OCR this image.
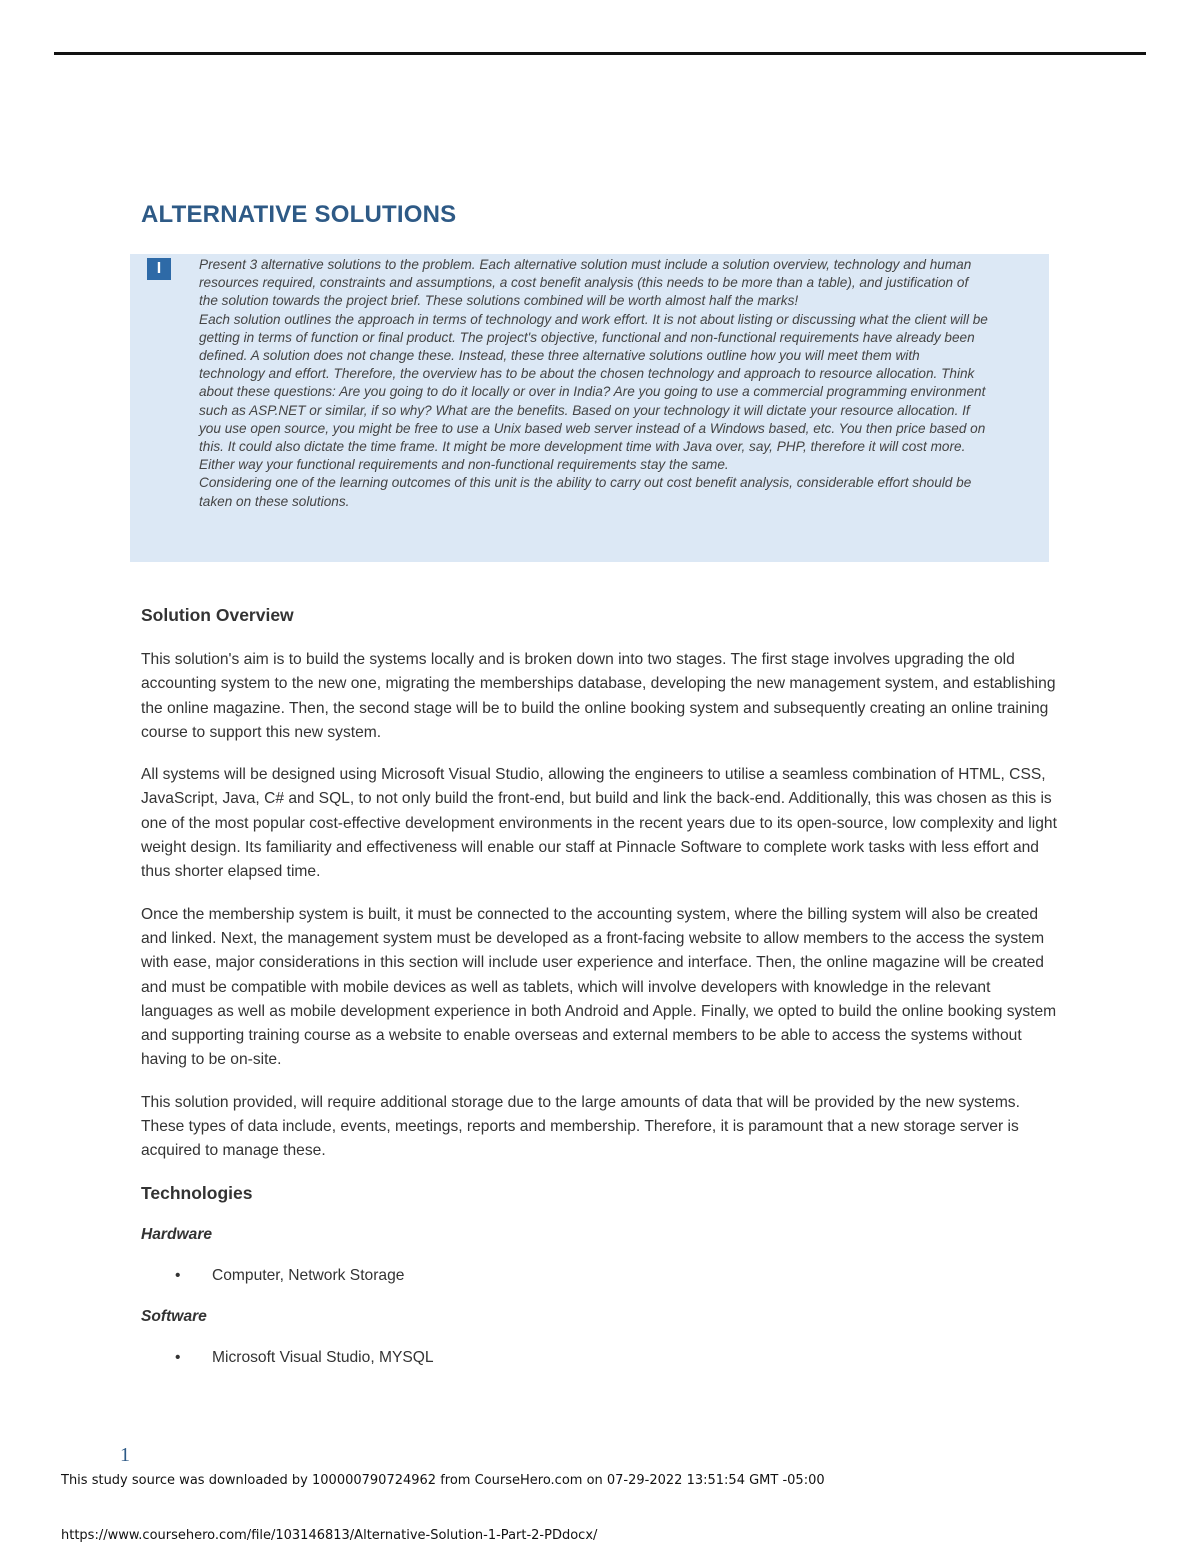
ALTERNATIVE SOLUTIONS
I	Present 3 alternative solutions to the problem. Each alternative solution must include a solution overview, technology and human resources required, constraints and assumptions, a cost benefit analysis (this needs to be more than a table), and justification of the solution towards the project brief. These solutions combined will be worth almost half the marks!

Each solution outlines the approach in terms of technology and work effort. It is not about listing or discussing what the client will be getting in terms of function or final product. The project's objective, functional and non-functional requirements have already been defined. A solution does not change these. Instead, these three alternative solutions outline how you will meet them with technology and effort. Therefore, the overview has to be about the chosen technology and approach to resource allocation. Think about these questions: Are you going to do it locally or over in India? Are you going to use a commercial programming environment such as ASP.NET or similar, if so why? What are the benefits. Based on your technology it will dictate your resource allocation. If you use open source, you might be free to use a Unix based web server instead of a Windows based, etc. You then price based on this. It could also dictate the time frame. It might be more development time with Java over, say, PHP, therefore it will cost more. Either way your functional requirements and non-functional requirements stay the same.

Considering one of the learning outcomes of this unit is the ability to carry out cost benefit analysis, considerable effort should be taken on these solutions.

Solution Overview

This solution's aim is to build the systems locally and is broken down into two stages. The first stage involves upgrading the old accounting system to the new one, migrating the memberships database, developing the new management system, and establishing the online magazine. Then, the second stage will be to build the online booking system and subsequently creating an online training course to support this new system.

All systems will be designed using Microsoft Visual Studio, allowing the engineers to utilise a seamless combination of HTML, CSS, JavaScript, Java, C# and SQL, to not only build the front-end, but build and link the back-end. Additionally, this was chosen as this is one of the most popular cost-effective development environments in the recent years due to its open-source, low complexity and light weight design. Its familiarity and effectiveness will enable our staff at Pinnacle Software to complete work tasks with less effort and thus shorter elapsed time.

Once the membership system is built, it must be connected to the accounting system, where the billing system will also be created and linked. Next, the management system must be developed as a front-facing website to allow members to the access the system with ease, major considerations in this section will include user experience and interface. Then, the online magazine will be created and must be compatible with mobile devices as well as tablets, which will involve developers with knowledge in the relevant languages as well as mobile development experience in both Android and Apple. Finally, we opted to build the online booking system and supporting training course as a website to enable overseas and external members to be able to access the systems without having to be on-site.

This solution provided, will require additional storage due to the large amounts of data that will be provided by the new systems. These types of data include, events, meetings, reports and membership. Therefore, it is paramount that a new storage server is acquired to manage these.

Technologies
Hardware
• Computer, Network Storage
Software
• Microsoft Visual Studio, MYSQL
1
This study source was downloaded by 100000790724962 from CourseHero.com on 07-29-2022 13:51:54 GMT -05:00
https://www.coursehero.com/file/103146813/Alternative-Solution-1-Part-2-PDdocx/
